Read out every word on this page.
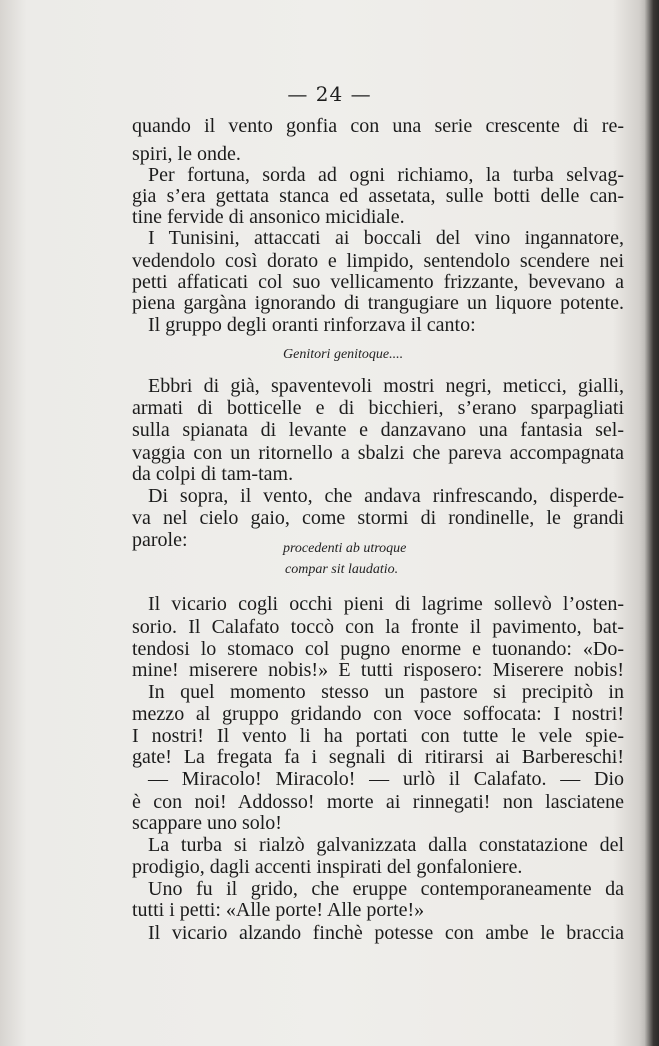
— 24 —
quando il vento gonfia con una serie crescente di re-
spiri, le onde.
Per fortuna, sorda ad ogni richiamo, la turba selvag-
gia s’era gettata stanca ed assetata, sulle botti delle can-
tine fervide di ansonico micidiale.
I Tunisini, attaccati ai boccali del vino ingannatore,
vedendolo così dorato e limpido, sentendolo scendere nei
petti affaticati col suo vellicamento frizzante, bevevano a
piena gargàna ignorando di trangugiare un liquore potente.
Il gruppo degli oranti rinforzava il canto:
Genitori genitoque....
Ebbri di già, spaventevoli mostri negri, meticci, gialli,
armati di botticelle e di bicchieri, s’erano sparpagliati
sulla spianata di levante e danzavano una fantasia sel-
vaggia con un ritornello a sbalzi che pareva accompagnata
da colpi di tam-tam.
Di sopra, il vento, che andava rinfrescando, disperde-
va nel cielo gaio, come stormi di rondinelle, le grandi
parole:	procedenti ab utroque
compar sit laudatio.
Il vicario cogli occhi pieni di lagrime sollevò l’osten-
sorio. Il Calafato toccò con la fronte il pavimento, bat-
tendosi lo stomaco col pugno enorme e tuonando: «Do-
mine! miserere nobis!» E tutti risposero: Miserere nobis!
In quel momento stesso un pastore si precipitò in
mezzo al gruppo gridando con voce soffocata: I nostri!
I nostri! Il vento li ha portati con tutte le vele spie-
gate! La fregata fa i segnali di ritirarsi ai Barbereschi!
— Miracolo! Miracolo! — urlò il Calafato. — Dio
è con noi! Addosso! morte ai rinnegati! non lasciatene
scappare uno solo!
La turba si rialzò galvanizzata dalla constatazione del
prodigio, dagli accenti inspirati del gonfaloniere.
Uno fu il grido, che eruppe contemporaneamente da
tutti i petti: «Alle porte! Alle porte!»
Il vicario alzando finchè potesse con ambe le braccia
